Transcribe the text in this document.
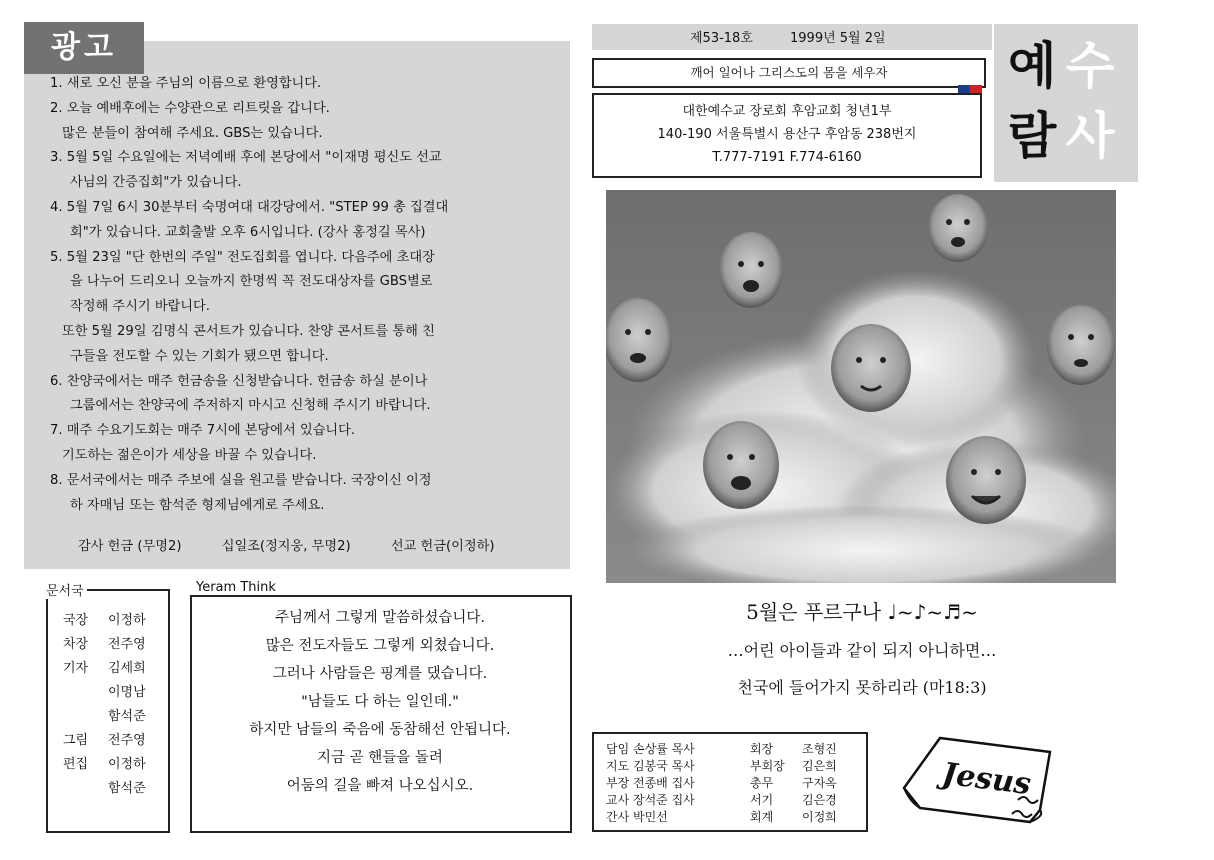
광고
1. 새로 오신 분을 주님의 이름으로 환영합니다.
2. 오늘 예배후에는 수양관으로 리트릿을 갑니다.
많은 분들이 참여해 주세요. GBS는 있습니다.
3. 5월 5일 수요일에는 저녁예배 후에 본당에서 "이재명 평신도 선교
사님의 간증집회"가 있습니다.
4. 5월 7일 6시 30분부터 숙명여대 대강당에서. "STEP 99 총 집결대
회"가 있습니다. 교회출발 오후 6시입니다. (강사 홍정길 목사)
5. 5월 23일 "단 한번의 주일" 전도집회를 엽니다. 다음주에 초대장
을 나누어 드리오니 오늘까지 한명씩 꼭 전도대상자를 GBS별로
작정해 주시기 바랍니다.
또한 5월 29일 김명식 콘서트가 있습니다. 찬양 콘서트를 통해 친
구들을 전도할 수 있는 기회가 됐으면 합니다.
6. 찬양국에서는 매주 헌금송을 신청받습니다. 헌금송 하실 분이나
그룹에서는 찬양국에 주저하지 마시고 신청해 주시기 바랍니다.
7. 매주 수요기도회는 매주 7시에 본당에서 있습니다.
기도하는 젊은이가 세상을 바꿀 수 있습니다.
8. 문서국에서는 매주 주보에 실을 원고를 받습니다. 국장이신 이정
하 자매님 또는 함석준 형제님에게로 주세요.
감사 헌금 (무명2)	십일조(정지웅, 무명2)	선교 헌금(이정하)
국장 이정하
차장 전주영
기자 김세희
이명남
함석준
그림 전주영
편집 이정하
함석준
문서국	Yeram Think
주님께서 그렇게 말씀하셨습니다.
많은 전도자들도 그렇게 외쳤습니다.
그러나 사람들은 핑계를 댔습니다.
"남들도 다 하는 일인데."
하지만 남들의 죽음에 동참해선 안됩니다.
지금 곧 핸들을 돌려
어둠의 길을 빠져 나오십시오.
제53-18호	1999년 5월 2일
깨어 일어나 그리스도의 몸을 세우자
대한예수교 장로회 후암교회 청년1부
140-190 서울특별시 용산구 후암동 238번지
T.777-7191 F.774-6160
예 수
람 사
5월은 푸르구나 ♩~♪~♬~
…어린 아이들과 같이 되지 아니하면…
천국에 들어가지 못하리라 (마18:3)
담임 손상률 목사	회장 조형진
지도 김봉국 목사	부회장 김은희
부장 전종배 집사	총무 구자옥
교사 장석준 집사	서기 김은경
간사 박민선	회계 이정희
Jesus
